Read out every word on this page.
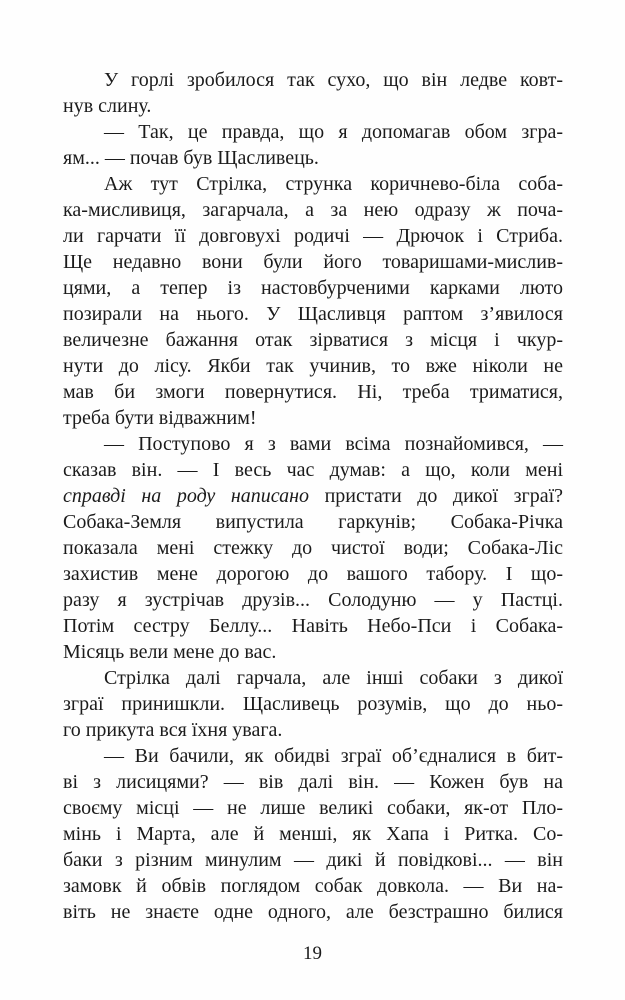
У горлі зробилося так сухо, що він ледве ковт-
нув слину.
— Так, це правда, що я допомагав обом згра-
ям... — почав був Щасливець.
Аж тут Стрілка, струнка коричнево-біла соба-
ка-мисливиця, загарчала, а за нею одразу ж поча-
ли гарчати її довговухі родичі — Дрючок і Стриба.
Ще недавно вони були його товаришами-мислив-
цями, а тепер із настовбурченими карками люто
позирали на нього. У Щасливця раптом з’явилося
величезне бажання отак зірватися з місця і чкур-
нути до лісу. Якби так учинив, то вже ніколи не
мав би змоги повернутися. Ні, треба триматися,
треба бути відважним!
— Поступово я з вами всіма познайомився, —
сказав він. — І весь час думав: а що, коли мені
справді на роду написано пристати до дикої зграї?
Собака-Земля випустила гаркунів; Собака-Річка
показала мені стежку до чистої води; Собака-Ліс
захистив мене дорогою до вашого табору. І що-
разу я зустрічав друзів... Солодуню — у Пастці.
Потім сестру Беллу... Навіть Небо-Пси і Собака-
Місяць вели мене до вас.
Стрілка далі гарчала, але інші собаки з дикої
зграї принишкли. Щасливець розумів, що до ньо-
го прикута вся їхня увага.
— Ви бачили, як обидві зграї об’єдналися в бит-
ві з лисицями? — вів далі він. — Кожен був на
своєму місці — не лише великі собаки, як-от Пло-
мінь і Марта, але й менші, як Хапа і Ритка. Со-
баки з різним минулим — дикі й повідкові... — він
замовк й обвів поглядом собак довкола. — Ви на-
віть не знаєте одне одного, але безстрашно билися
19
